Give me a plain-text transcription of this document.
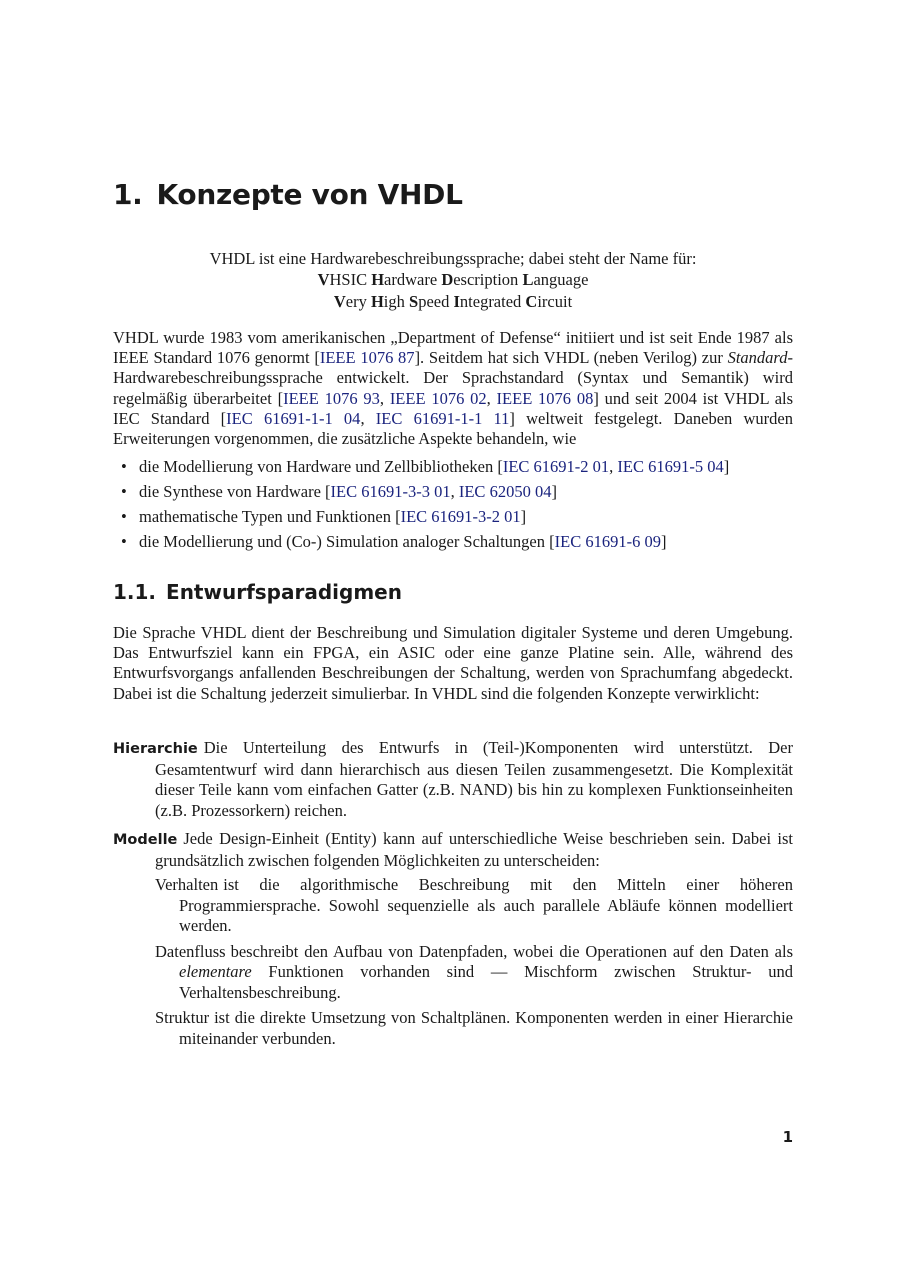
1. Konzepte von VHDL

VHDL ist eine Hardwarebeschreibungssprache; dabei steht der Name für:

VHSIC Hardware Description Language

Very High Speed Integrated Circuit

VHDL wurde 1983 vom amerikanischen „Department of Defense“ initiiert und ist seit Ende 1987 als IEEE Standard 1076 genormt [IEEE 1076 87]. Seitdem hat sich VHDL (neben Verilog) zur Standard-Hardwarebeschreibungssprache entwickelt. Der Sprachstandard (Syntax und Semantik) wird regelmäßig überarbeitet [IEEE 1076 93, IEEE 1076 02, IEEE 1076 08] und seit 2004 ist VHDL als IEC Standard [IEC 61691-1-1 04, IEC 61691-1-1 11] weltweit festgelegt. Daneben wurden Erweiterungen vorgenommen, die zusätzliche Aspekte behandeln, wie

• die Modellierung von Hardware und Zellbibliotheken [IEC 61691-2 01, IEC 61691-5 04]
• die Synthese von Hardware [IEC 61691-3-3 01, IEC 62050 04]
• mathematische Typen und Funktionen [IEC 61691-3-2 01]
• die Modellierung und (Co-) Simulation analoger Schaltungen [IEC 61691-6 09]
1.1. Entwurfsparadigmen

Die Sprache VHDL dient der Beschreibung und Simulation digitaler Systeme und deren Umgebung. Das Entwurfsziel kann ein FPGA, ein ASIC oder eine ganze Platine sein. Alle, während des Entwurfsvorgangs anfallenden Beschreibungen der Schaltung, werden von Sprachumfang abgedeckt. Dabei ist die Schaltung jederzeit simulierbar. In VHDL sind die folgenden Konzepte verwirklicht:

Hierarchie Die Unterteilung des Entwurfs in (Teil-)Komponenten wird unterstützt. Der Gesamtentwurf wird dann hierarchisch aus diesen Teilen zusammengesetzt. Die Komplexität dieser Teile kann vom einfachen Gatter (z.B. NAND) bis hin zu komplexen Funktionseinheiten (z.B. Prozessorkern) reichen.
Modelle Jede Design-Einheit (Entity) kann auf unterschiedliche Weise beschrieben sein. Dabei ist grundsätzlich zwischen folgenden Möglichkeiten zu unterscheiden:
Verhalten ist die algorithmische Beschreibung mit den Mitteln einer höheren Programmiersprache. Sowohl sequenzielle als auch parallele Abläufe können modelliert werden.
Datenfluss beschreibt den Aufbau von Datenpfaden, wobei die Operationen auf den Daten als elementare Funktionen vorhanden sind — Mischform zwischen Struktur- und Verhaltensbeschreibung.
Struktur ist die direkte Umsetzung von Schaltplänen. Komponenten werden in einer Hierarchie miteinander verbunden.
1
